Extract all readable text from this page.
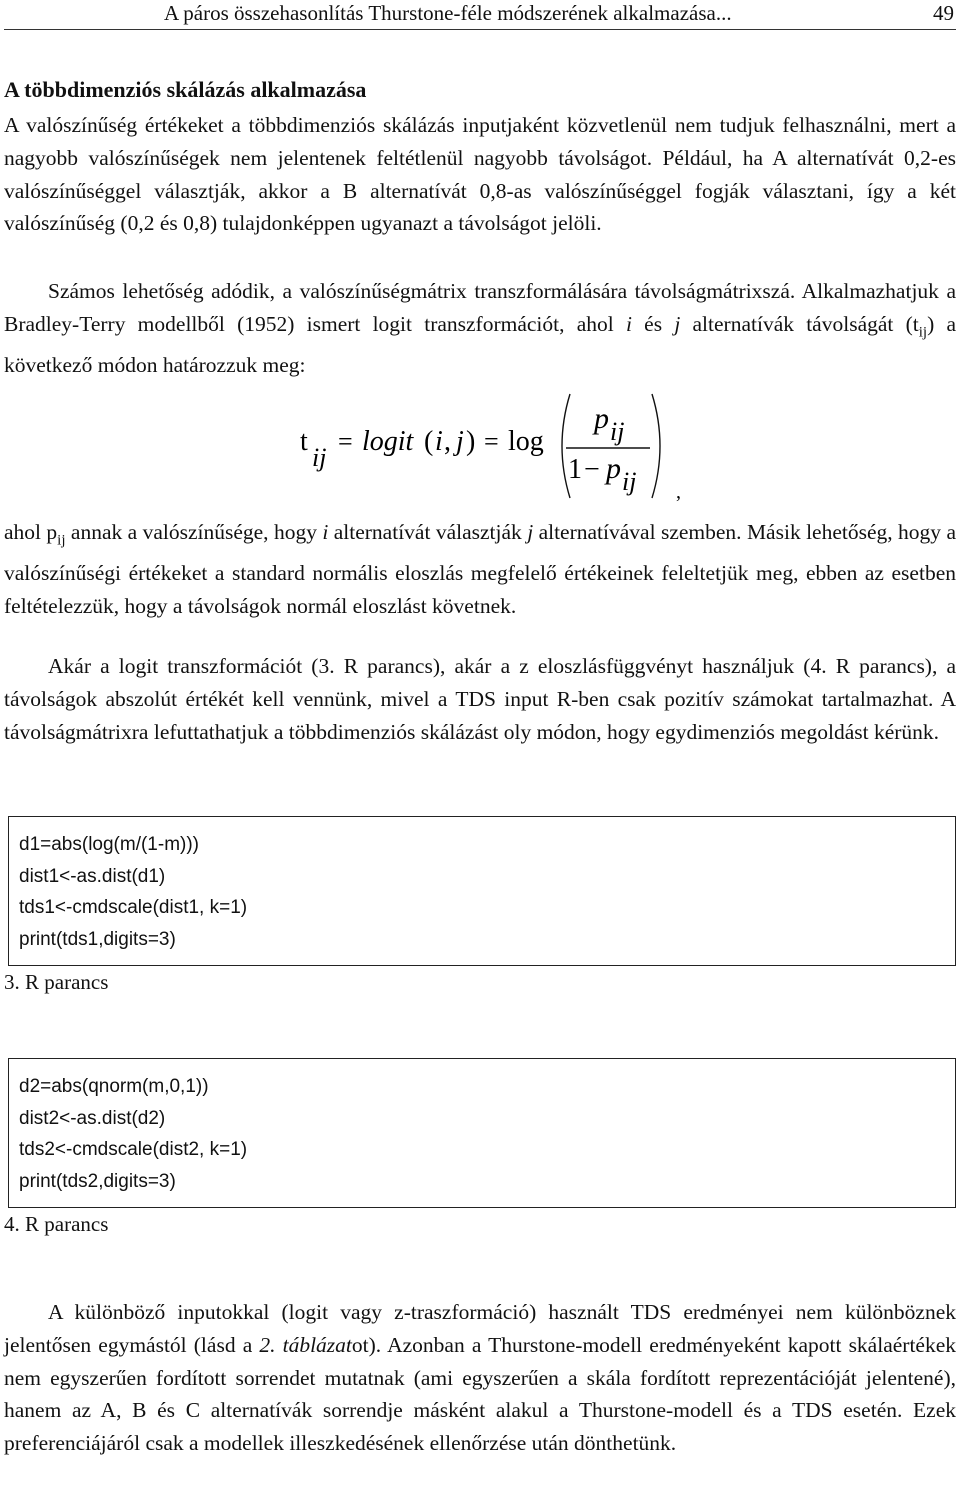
A páros összehasonlítás Thurstone-féle módszerének alkalmazása...	49
A többdimenziós skálázás alkalmazása

A valószínűség értékeket a többdimenziós skálázás inputjaként közvetlenül nem tudjuk felhasználni, mert a nagyobb valószínűségek nem jelentenek feltétlenül nagyobb távolságot. Például, ha A alternatívát 0,2-es valószínűséggel választják, akkor a B alternatívát 0,8-as valószínűséggel fogják választani, így a két valószínűség (0,2 és 0,8) tulajdonképpen ugyanazt a távolságot jelöli.

Számos lehetőség adódik, a valószínűségmátrix transzformálására távolságmátrixszá. Alkalmazhatjuk a Bradley-Terry modellből (1952) ismert logit transzformációt, ahol i és j alternatívák távolságát $(t_{ij})$ a következő módon határozzuk meg:

t
ij
= logit ( i , j ) = log
p ij
1 − p ij ,

ahol $p_{ij}$ annak a valószínűsége, hogy i alternatívát választják j alternatívával szemben. Másik lehetőség, hogy a valószínűségi értékeket a standard normális eloszlás megfelelő értékeinek feleltetjük meg, ebben az esetben feltételezzük, hogy a távolságok normál eloszlást követnek.

Akár a logit transzformációt (3. R parancs), akár a z eloszlásfüggvényt használjuk (4. R parancs), a távolságok abszolút értékét kell vennünk, mivel a TDS input R-ben csak pozitív számokat tartalmazhat. A távolságmátrixra lefuttathatjuk a többdimenziós skálázást oly módon, hogy egydimenziós megoldást kérünk.

d1=abs(log(m/(1-m)))
dist1<-as.dist(d1)
tds1<-cmdscale(dist1, k=1)
print(tds1,digits=3)
3. R parancs
d2=abs(qnorm(m,0,1))
dist2<-as.dist(d2)
tds2<-cmdscale(dist2, k=1)
print(tds2,digits=3)
4. R parancs

A különböző inputokkal (logit vagy z-traszformáció) használt TDS eredményei nem különböznek jelentősen egymástól (lásd a 2. táblázatot). Azonban a Thurstone-modell eredményeként kapott skálaértékek nem egyszerűen fordított sorrendet mutatnak (ami egyszerűen a skála fordított reprezentációját jelentené), hanem az A, B és C alternatívák sorrendje másként alakul a Thurstone-modell és a TDS esetén. Ezek preferenciájáról csak a modellek illeszkedésének ellenőrzése után dönthetünk.
